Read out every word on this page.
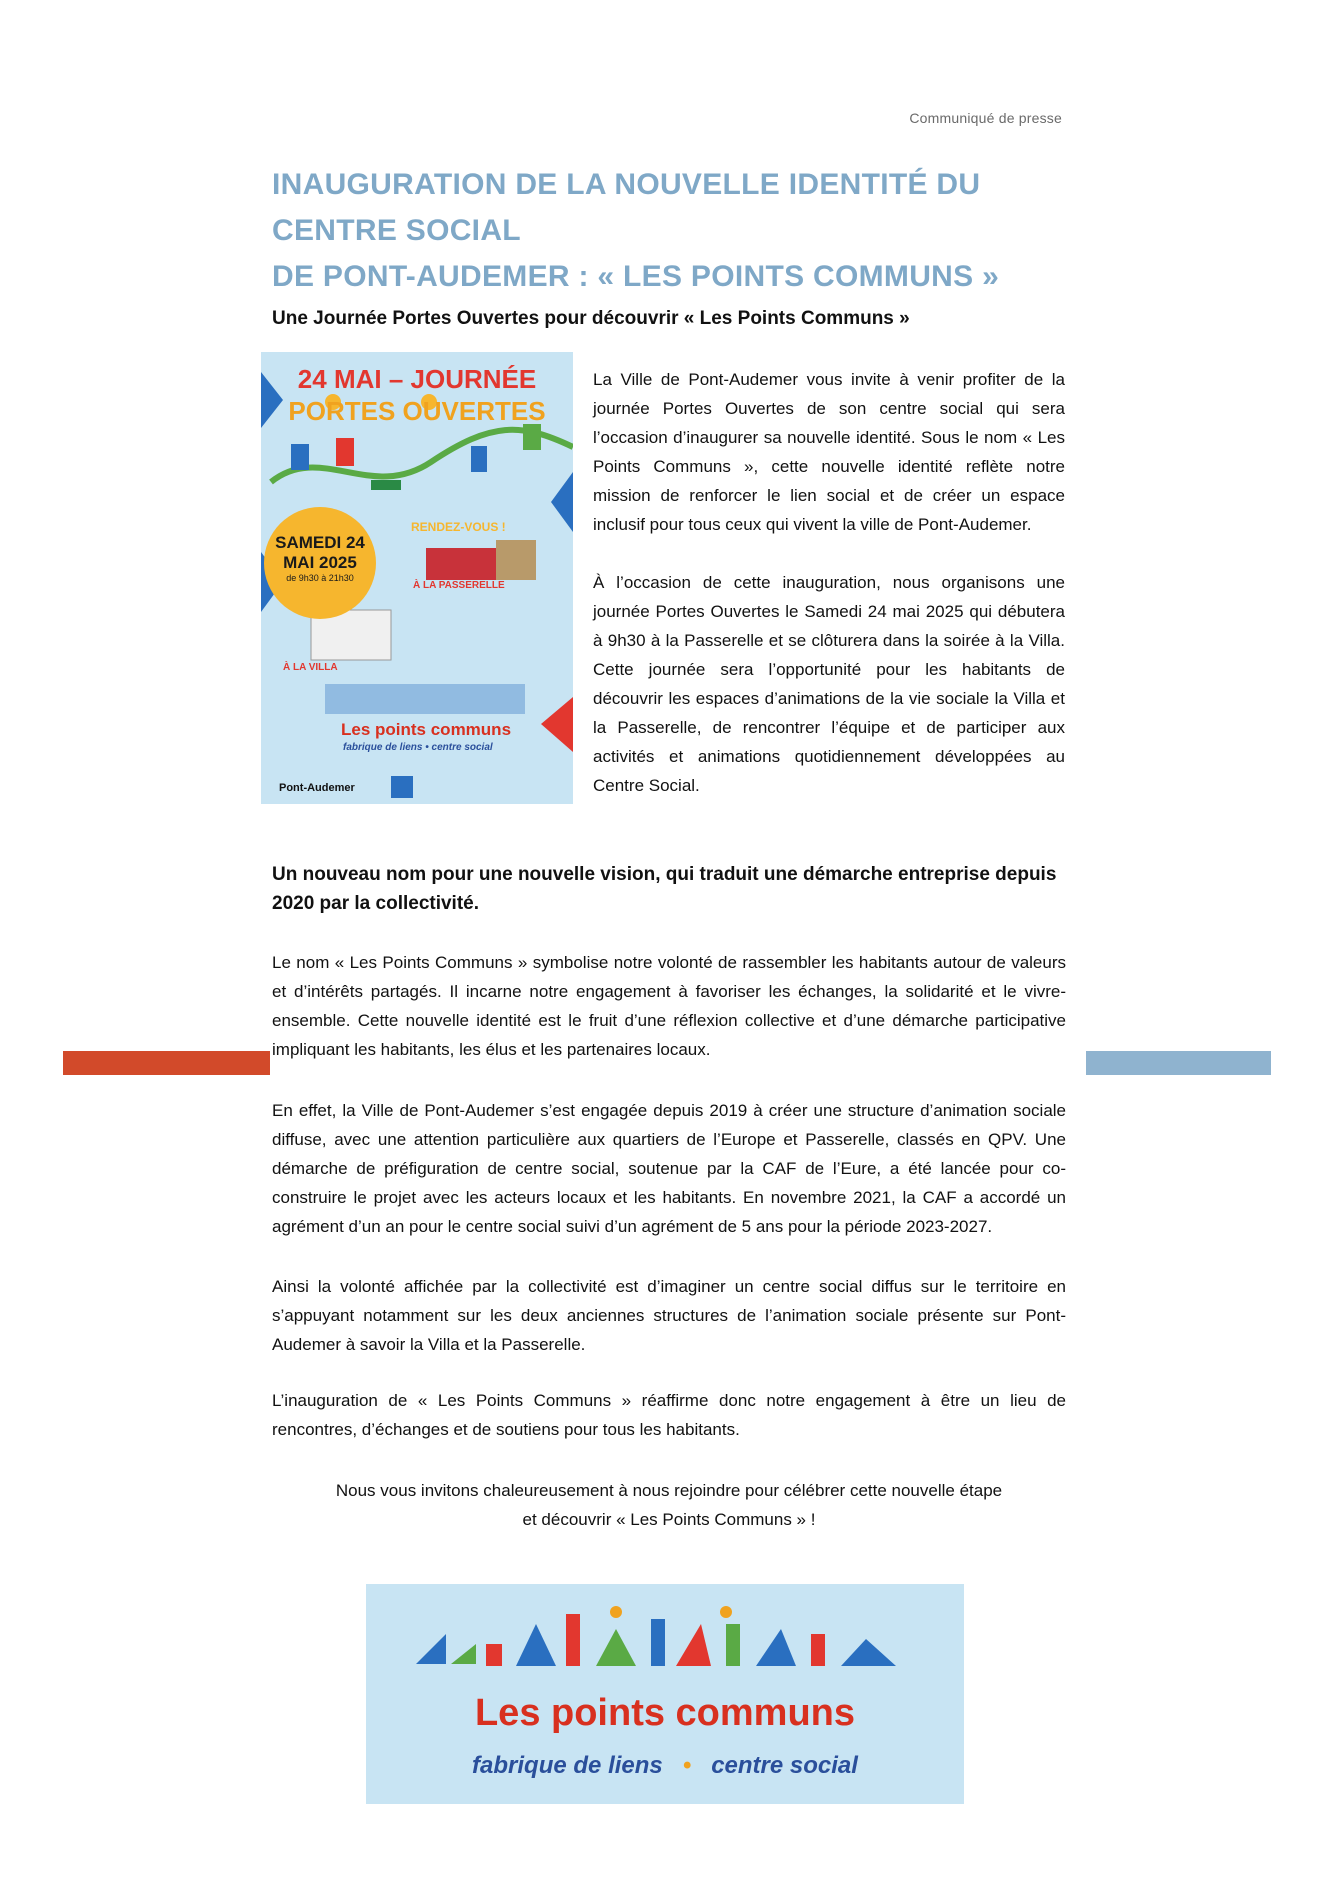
Communiqué de presse
INAUGURATION DE LA NOUVELLE IDENTITÉ DU CENTRE SOCIAL
DE PONT-AUDEMER : « LES POINTS COMMUNS »
Une Journée Portes Ouvertes pour découvrir « Les Points Communs »
24 MAI – JOURNÉE
PORTES OUVERTES
SAMEDI 24
MAI 2025
de 9h30 à 21h30
RENDEZ-VOUS !
À LA PASSERELLE
À LA VILLA
Les points communs
fabrique de liens • centre social
Pont-Audemer
La Ville de Pont-Audemer vous invite à venir profiter de la journée Portes Ouvertes de son centre social qui sera l’occasion d’inaugurer sa nouvelle identité. Sous le nom « Les Points Communs », cette nouvelle identité reflète notre mission de renforcer le lien social et de créer un espace inclusif pour tous ceux qui vivent la ville de Pont-Audemer.
À l’occasion de cette inauguration, nous organisons une journée Portes Ouvertes le Samedi 24 mai 2025 qui débutera à 9h30 à la Passerelle et se clôturera dans la soirée à la Villa. Cette journée sera l’opportunité pour les habitants de découvrir les espaces d’animations de la vie sociale la Villa et la Passerelle, de rencontrer l’équipe et de participer aux activités et animations quotidiennement développées au Centre Social.
Un nouveau nom pour une nouvelle vision, qui traduit une démarche entreprise depuis 2020 par la collectivité.
Le nom « Les Points Communs » symbolise notre volonté de rassembler les habitants autour de valeurs et d’intérêts partagés. Il incarne notre engagement à favoriser les échanges, la solidarité et le vivre-ensemble. Cette nouvelle identité est le fruit d’une réflexion collective et d’une démarche participative impliquant les habitants, les élus et les partenaires locaux.
En effet, la Ville de Pont-Audemer s’est engagée depuis 2019 à créer une structure d’animation sociale diffuse, avec une attention particulière aux quartiers de l’Europe et Passerelle, classés en QPV. Une démarche de préfiguration de centre social, soutenue par la CAF de l’Eure, a été lancée pour co-construire le projet avec les acteurs locaux et les habitants. En novembre 2021, la CAF a accordé un agrément d’un an pour le centre social suivi d’un agrément de 5 ans pour la période 2023-2027.
Ainsi la volonté affichée par la collectivité est d’imaginer un centre social diffus sur le territoire en s’appuyant notamment sur les deux anciennes structures de l’animation sociale présente sur Pont-Audemer à savoir la Villa et la Passerelle.
L’inauguration de « Les Points Communs » réaffirme donc notre engagement à être un lieu de rencontres, d’échanges et de soutiens pour tous les habitants.
Nous vous invitons chaleureusement à nous rejoindre pour célébrer cette nouvelle étape
et découvrir « Les Points Communs » !
Les points communs
fabrique de liens   •   centre social
